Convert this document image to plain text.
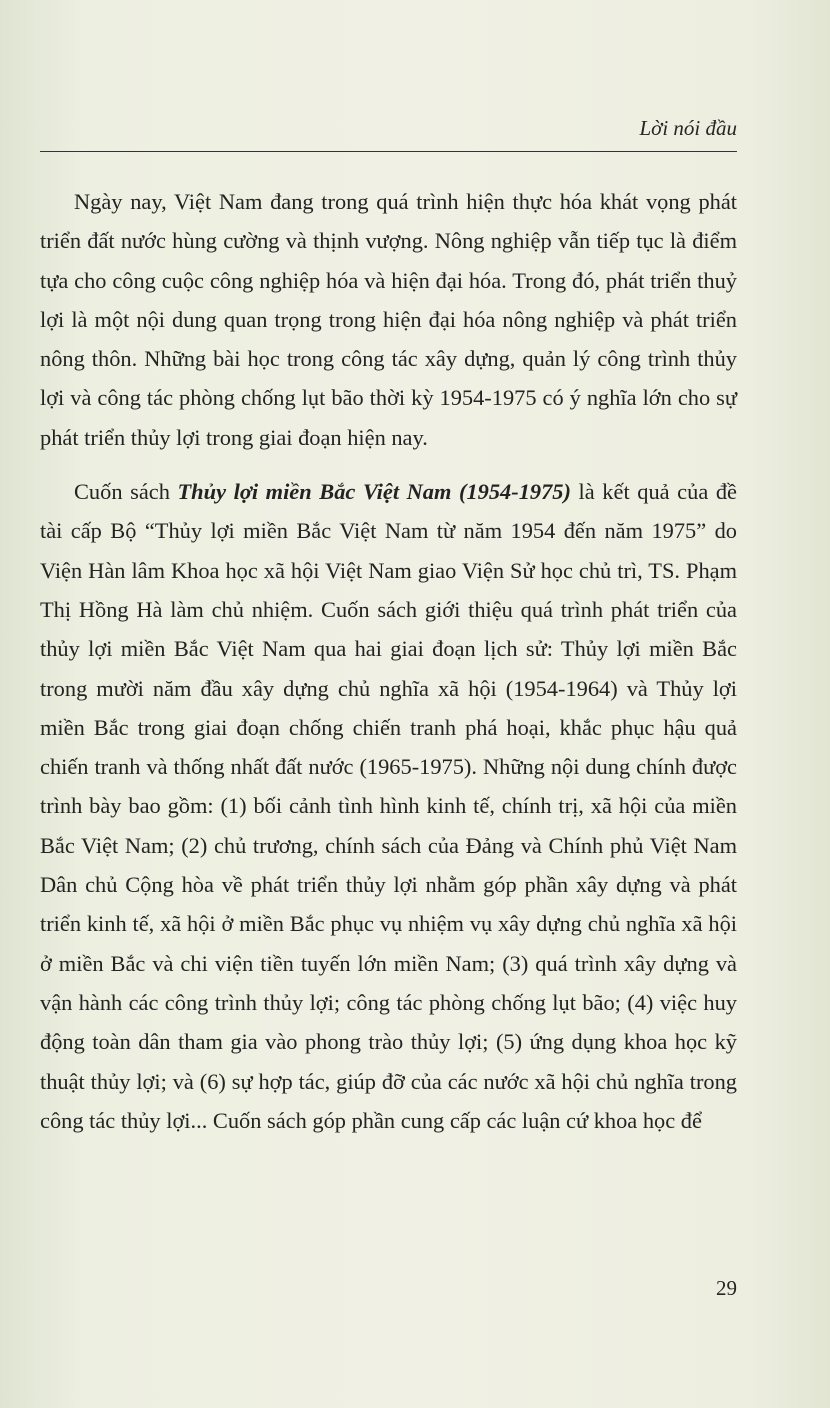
Lời nói đầu

Ngày nay, Việt Nam đang trong quá trình hiện thực hóa khát vọng phát triển đất nước hùng cường và thịnh vượng. Nông nghiệp vẫn tiếp tục là điểm tựa cho công cuộc công nghiệp hóa và hiện đại hóa. Trong đó, phát triển thuỷ lợi là một nội dung quan trọng trong hiện đại hóa nông nghiệp và phát triển nông thôn. Những bài học trong công tác xây dựng, quản lý công trình thủy lợi và công tác phòng chống lụt bão thời kỳ 1954-1975 có ý nghĩa lớn cho sự phát triển thủy lợi trong giai đoạn hiện nay.

Cuốn sách Thủy lợi miền Bắc Việt Nam (1954-1975) là kết quả của đề tài cấp Bộ “Thủy lợi miền Bắc Việt Nam từ năm 1954 đến năm 1975” do Viện Hàn lâm Khoa học xã hội Việt Nam giao Viện Sử học chủ trì, TS. Phạm Thị Hồng Hà làm chủ nhiệm. Cuốn sách giới thiệu quá trình phát triển của thủy lợi miền Bắc Việt Nam qua hai giai đoạn lịch sử: Thủy lợi miền Bắc trong mười năm đầu xây dựng chủ nghĩa xã hội (1954-1964) và Thủy lợi miền Bắc trong giai đoạn chống chiến tranh phá hoại, khắc phục hậu quả chiến tranh và thống nhất đất nước (1965-1975). Những nội dung chính được trình bày bao gồm: (1) bối cảnh tình hình kinh tế, chính trị, xã hội của miền Bắc Việt Nam; (2) chủ trương, chính sách của Đảng và Chính phủ Việt Nam Dân chủ Cộng hòa về phát triển thủy lợi nhằm góp phần xây dựng và phát triển kinh tế, xã hội ở miền Bắc phục vụ nhiệm vụ xây dựng chủ nghĩa xã hội ở miền Bắc và chi viện tiền tuyến lớn miền Nam; (3) quá trình xây dựng và vận hành các công trình thủy lợi; công tác phòng chống lụt bão; (4) việc huy động toàn dân tham gia vào phong trào thủy lợi; (5) ứng dụng khoa học kỹ thuật thủy lợi; và (6) sự hợp tác, giúp đỡ của các nước xã hội chủ nghĩa trong công tác thủy lợi... Cuốn sách góp phần cung cấp các luận cứ khoa học để

29
